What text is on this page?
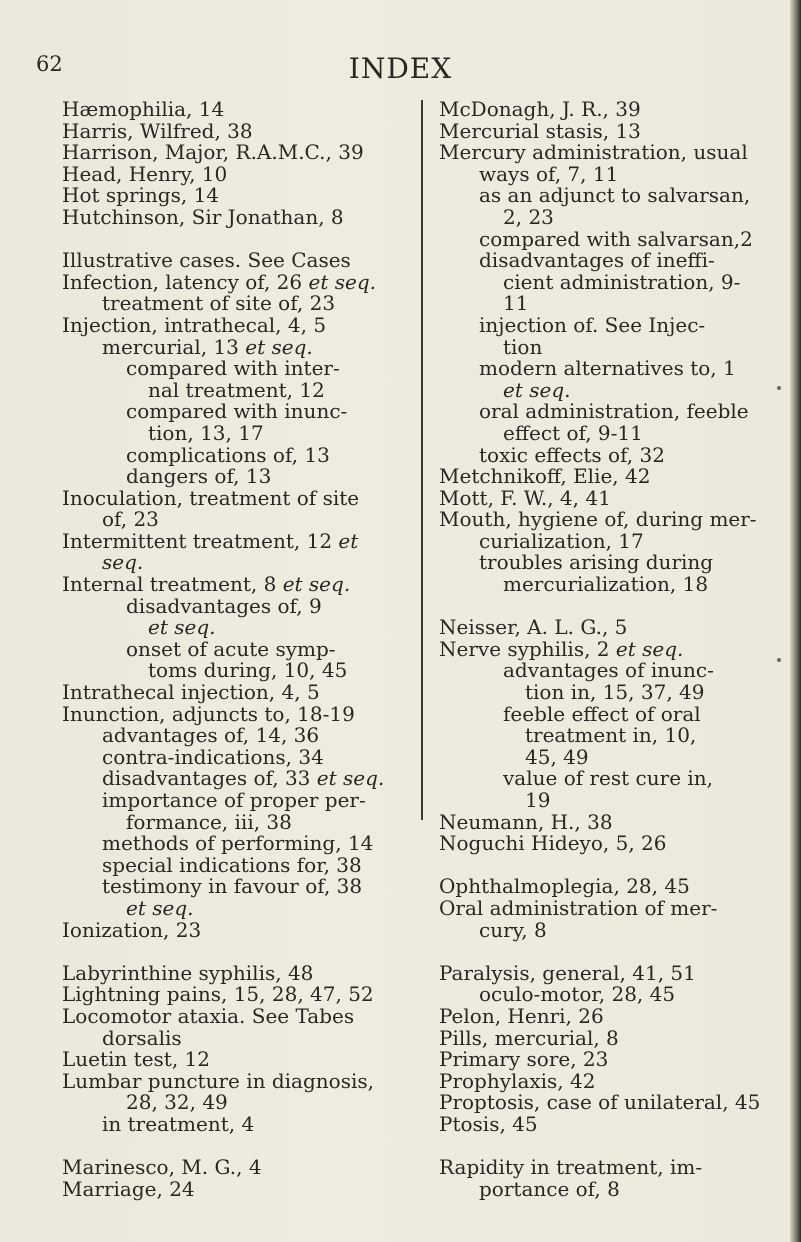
62	INDEX
Hæmophilia, 14
Harris, Wilfred, 38
Harrison, Major, R.A.M.C., 39
Head, Henry, 10
Hot springs, 14
Hutchinson, Sir Jonathan, 8
Illustrative cases. See Cases
Infection, latency of, 26 et seq.
treatment of site of, 23
Injection, intrathecal, 4, 5
mercurial, 13 et seq.
compared with inter-
nal treatment, 12
compared with inunc-
tion, 13, 17
complications of, 13
dangers of, 13
Inoculation, treatment of site
of, 23
Intermittent treatment, 12 et
seq.
Internal treatment, 8 et seq.
disadvantages of, 9
et seq.
onset of acute symp-
toms during, 10, 45
Intrathecal injection, 4, 5
Inunction, adjuncts to, 18-19
advantages of, 14, 36
contra-indications, 34
disadvantages of, 33 et seq.
importance of proper per-
formance, iii, 38
methods of performing, 14
special indications for, 38
testimony in favour of, 38
et seq.
Ionization, 23
Labyrinthine syphilis, 48
Lightning pains, 15, 28, 47, 52
Locomotor ataxia. See Tabes
dorsalis
Luetin test, 12
Lumbar puncture in diagnosis,
28, 32, 49
in treatment, 4
Marinesco, M. G., 4
Marriage, 24
McDonagh, J. R., 39
Mercurial stasis, 13
Mercury administration, usual
ways of, 7, 11
as an adjunct to salvarsan,
2, 23
compared with salvarsan,2
disadvantages of ineffi-
cient administration, 9-
11
injection of. See Injec-
tion
modern alternatives to, 1
et seq.
oral administration, feeble
effect of, 9-11
toxic effects of, 32
Metchnikoff, Elie, 42
Mott, F. W., 4, 41
Mouth, hygiene of, during mer-
curialization, 17
troubles arising during
mercurialization, 18
Neisser, A. L. G., 5
Nerve syphilis, 2 et seq.
advantages of inunc-
tion in, 15, 37, 49
feeble effect of oral
treatment in, 10,
45, 49
value of rest cure in,
19
Neumann, H., 38
Noguchi Hideyo, 5, 26
Ophthalmoplegia, 28, 45
Oral administration of mer-
cury, 8
Paralysis, general, 41, 51
oculo-motor, 28, 45
Pelon, Henri, 26
Pills, mercurial, 8
Primary sore, 23
Prophylaxis, 42
Proptosis, case of unilateral, 45
Ptosis, 45
Rapidity in treatment, im-
portance of, 8
